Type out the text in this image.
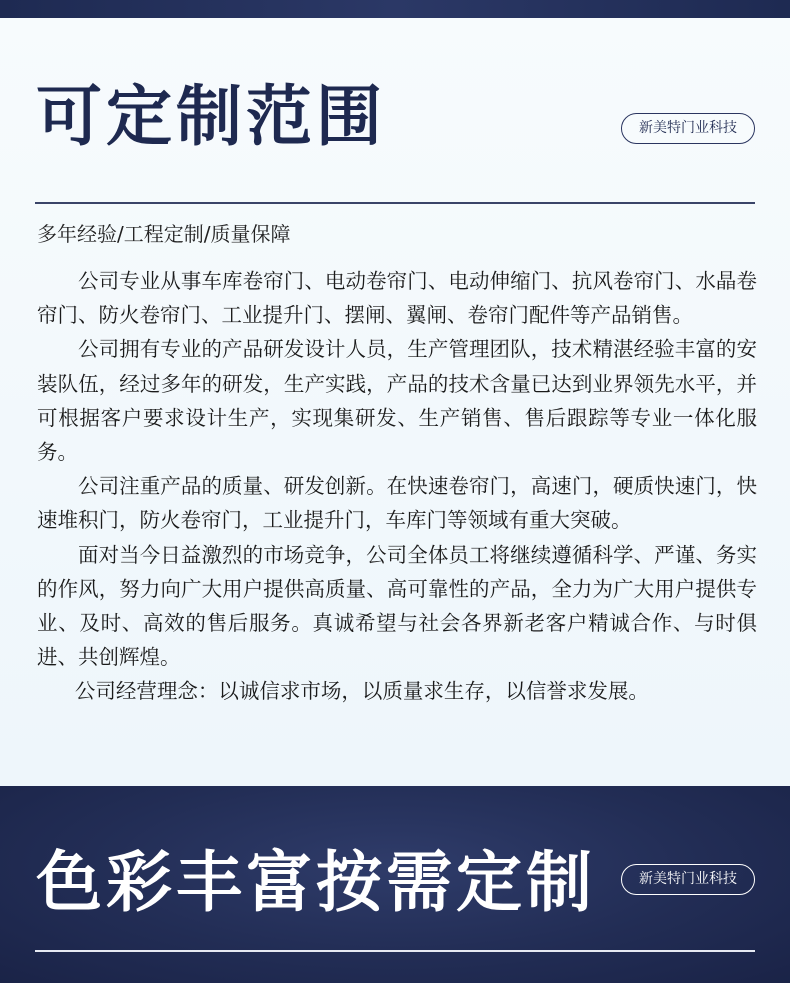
可定制范围	新美特门业科技
多年经验/工程定制/质量保障

公司专业从事车库卷帘门、电动卷帘门、电动伸缩门、抗风卷帘门、水晶卷帘门、防火卷帘门、工业提升门、摆闸、翼闸、卷帘门配件等产品销售。

公司拥有专业的产品研发设计人员，生产管理团队，技术精湛经验丰富的安装队伍，经过多年的研发，生产实践，产品的技术含量已达到业界领先水平，并可根据客户要求设计生产，实现集研发、生产销售、售后跟踪等专业一体化服务。

公司注重产品的质量、研发创新。在快速卷帘门，高速门，硬质快速门，快速堆积门，防火卷帘门，工业提升门，车库门等领域有重大突破。

面对当今日益激烈的市场竞争，公司全体员工将继续遵循科学、严谨、务实的作风，努力向广大用户提供高质量、高可靠性的产品，全力为广大用户提供专业、及时、高效的售后服务。真诚希望与社会各界新老客户精诚合作、与时俱进、共创辉煌。

公司经营理念：以诚信求市场，以质量求生存，以信誉求发展。

色彩丰富按需定制	新美特门业科技
